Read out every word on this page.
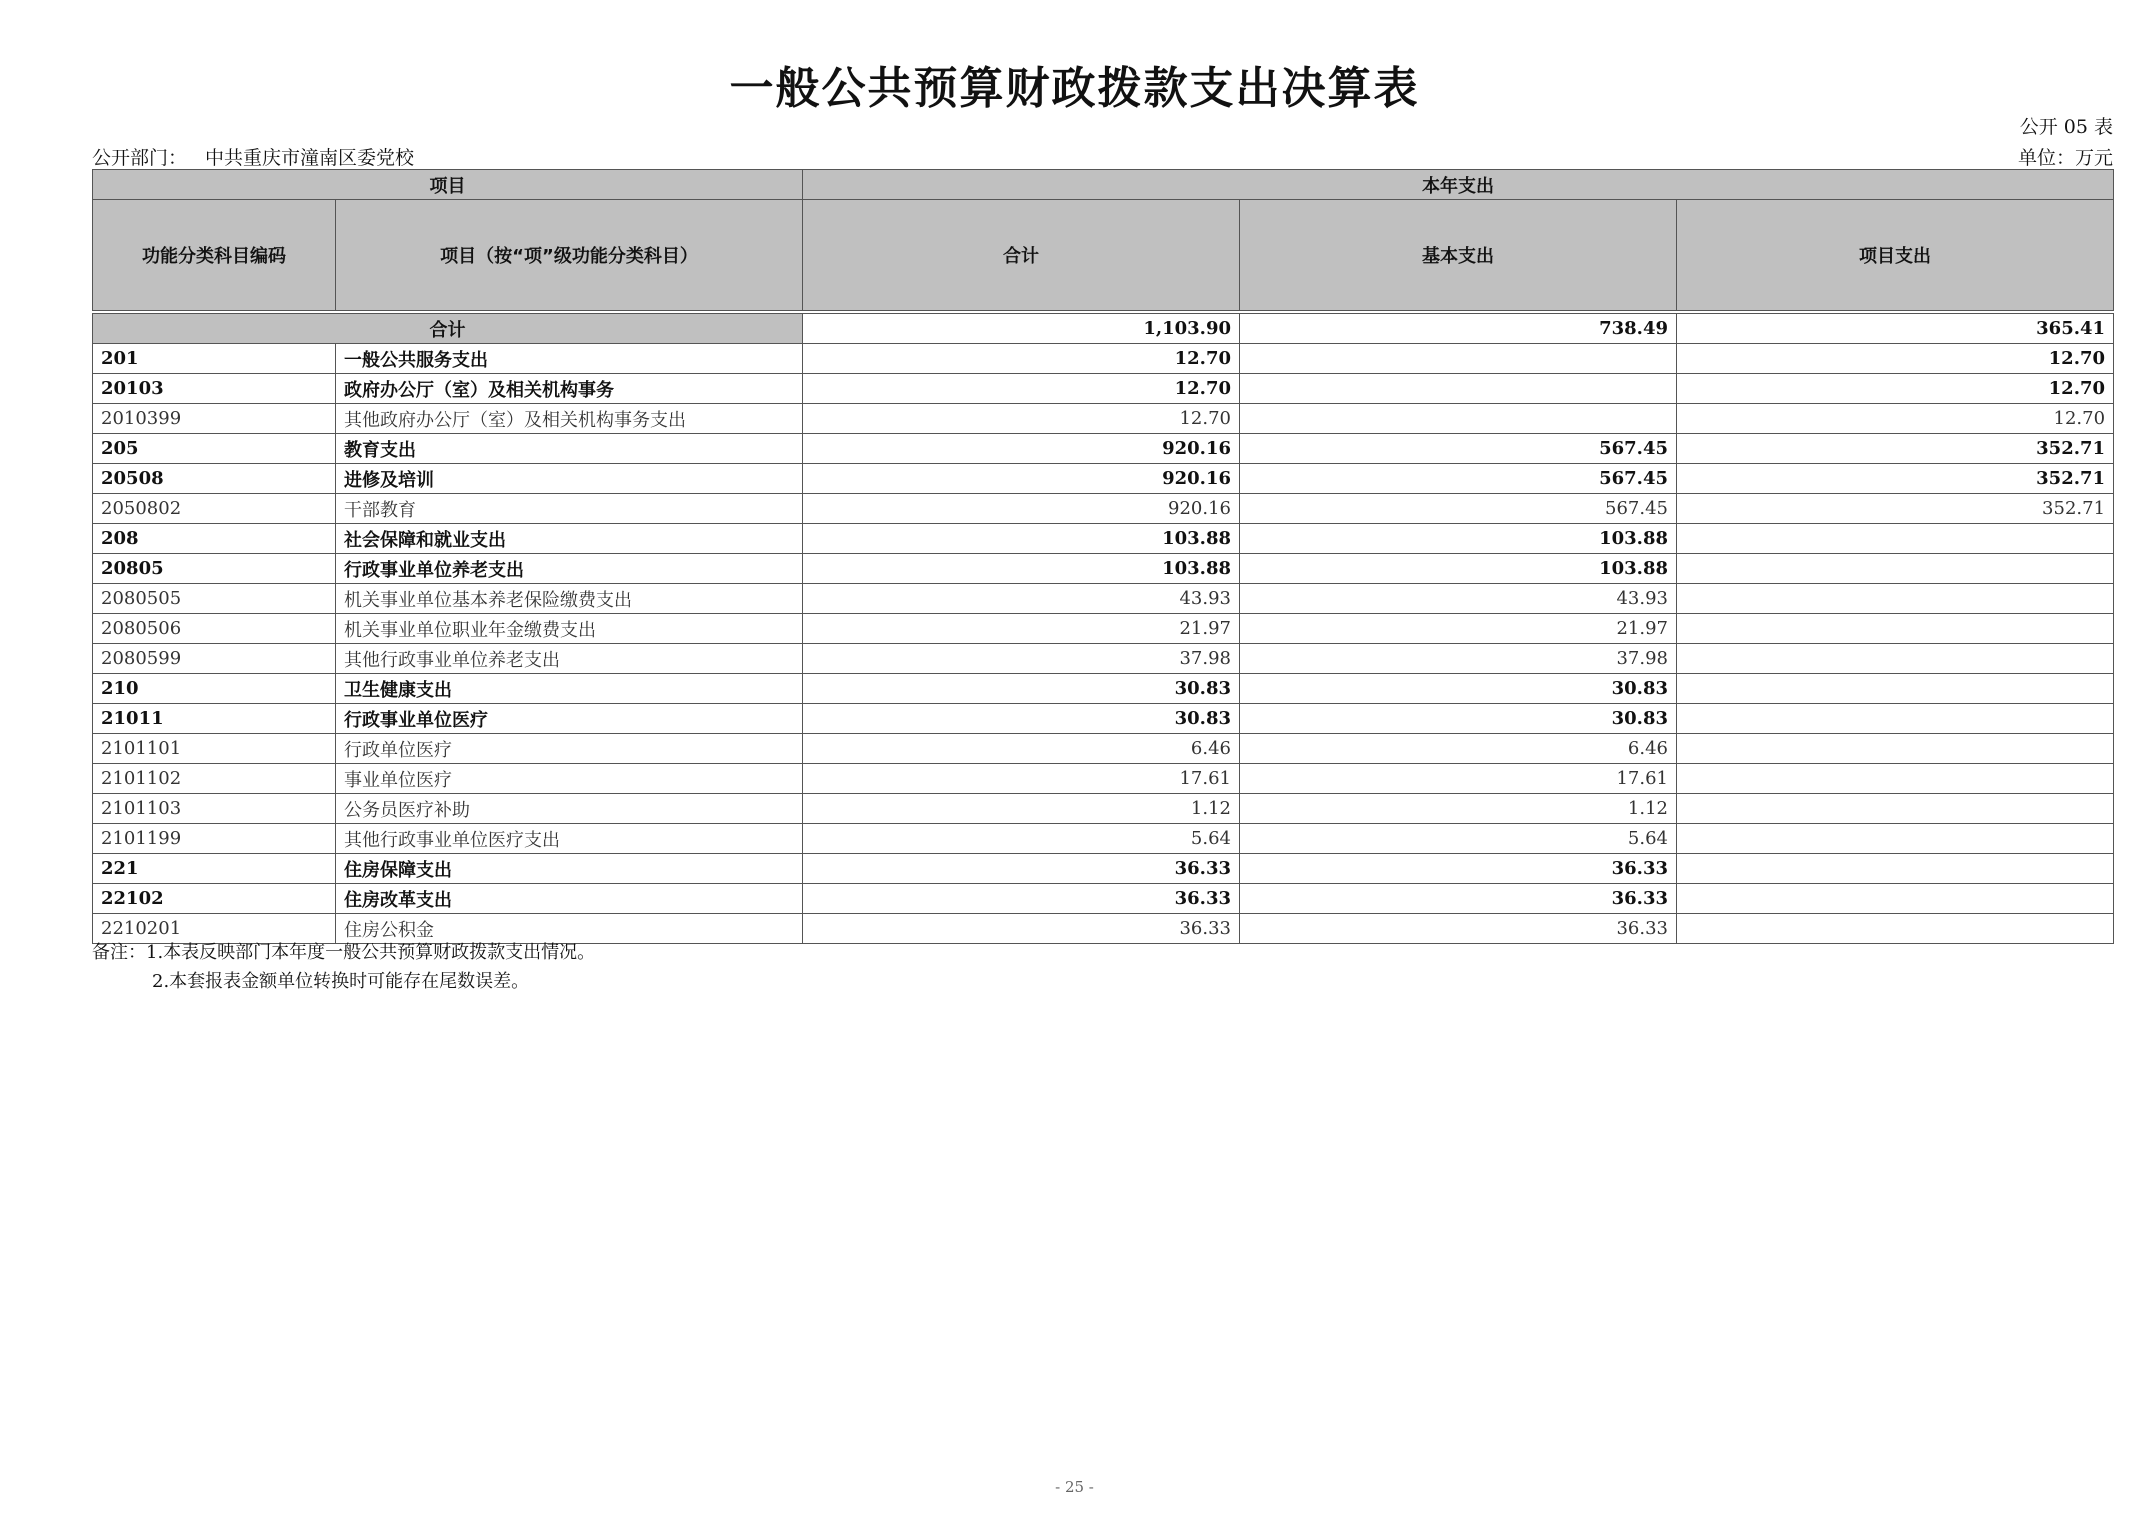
一般公共预算财政拨款支出决算表
公开 05 表
公开部门： 中共重庆市潼南区委党校	单位：万元
项目		本年支出		
功能分类科目编码	项目（按“项”级功能分类科目）	合计	基本支出	项目支出

合计		1,103.90	738.49	365.41
201	一般公共服务支出	12.70		12.70
20103	政府办公厅（室）及相关机构事务	12.70		12.70
2010399	其他政府办公厅（室）及相关机构事务支出	12.70		12.70
205	教育支出	920.16	567.45	352.71
20508	进修及培训	920.16	567.45	352.71
2050802	干部教育	920.16	567.45	352.71
208	社会保障和就业支出	103.88	103.88	
20805	行政事业单位养老支出	103.88	103.88	
2080505	机关事业单位基本养老保险缴费支出	43.93	43.93	
2080506	机关事业单位职业年金缴费支出	21.97	21.97	
2080599	其他行政事业单位养老支出	37.98	37.98	
210	卫生健康支出	30.83	30.83	
21011	行政事业单位医疗	30.83	30.83	
2101101	行政单位医疗	6.46	6.46	
2101102	事业单位医疗	17.61	17.61	
2101103	公务员医疗补助	1.12	1.12	
2101199	其他行政事业单位医疗支出	5.64	5.64	
221	住房保障支出	36.33	36.33	
22102	住房改革支出	36.33	36.33	
2210201	住房公积金	36.33	36.33	
备注：1.本表反映部门本年度一般公共预算财政拨款支出情况。
2.本套报表金额单位转换时可能存在尾数误差。
- 25 -
